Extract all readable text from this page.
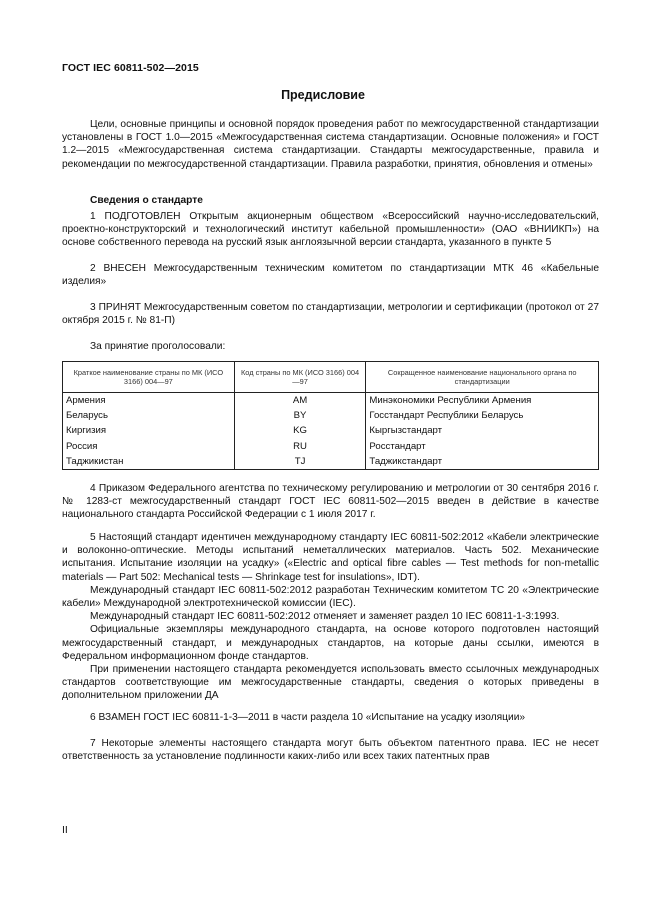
ГОСТ IEC 60811-502—2015
Предисловие

Цели, основные принципы и основной порядок проведения работ по межгосударственной стандартизации установлены в ГОСТ 1.0—2015 «Межгосударственная система стандартизации. Основные положения» и ГОСТ 1.2—2015 «Межгосударственная система стандартизации. Стандарты межгосударственные, правила и рекомендации по межгосударственной стандартизации. Правила разработки, принятия, обновления и отмены»

Сведения о стандарте

1 ПОДГОТОВЛЕН Открытым акционерным обществом «Всероссийский научно-исследовательский, проектно-конструкторский и технологический институт кабельной промышленности» (ОАО «ВНИИКП») на основе собственного перевода на русский язык англоязычной версии стандарта, указанного в пункте 5

2 ВНЕСЕН Межгосударственным техническим комитетом по стандартизации МТК 46 «Кабельные изделия»

3 ПРИНЯТ Межгосударственным советом по стандартизации, метрологии и сертификации (протокол от 27 октября 2015 г. № 81-П)

За принятие проголосовали:

Краткое наименование страны по МК (ИСО 3166) 004—97	Код страны по МК (ИСО 3166) 004—97	Сокращенное наименование национального органа по стандартизации
Армения	AM	Минэкономики Республики Армения
Беларусь	BY	Госстандарт Республики Беларусь
Киргизия	KG	Кыргызстандарт
Россия	RU	Росстандарт
Таджикистан	TJ	Таджикстандарт

4 Приказом Федерального агентства по техническому регулированию и метрологии от 30 сентября 2016 г. № 1283-ст межгосударственный стандарт ГОСТ IEC 60811-502—2015 введен в действие в качестве национального стандарта Российской Федерации с 1 июля 2017 г.

5 Настоящий стандарт идентичен международному стандарту IEC 60811-502:2012 «Кабели электрические и волоконно-оптические. Методы испытаний неметаллических материалов. Часть 502. Механические испытания. Испытание изоляции на усадку» («Electric and optical fibre cables — Test methods for non-metallic materials — Part 502: Mechanical tests — Shrinkage test for insulations», IDT).

Международный стандарт IEC 60811-502:2012 разработан Техническим комитетом ТС 20 «Электрические кабели» Международной электротехнической комиссии (IEC).

Международный стандарт IEC 60811-502:2012 отменяет и заменяет раздел 10 IEC 60811-1-3:1993.

Официальные экземпляры международного стандарта, на основе которого подготовлен настоящий межгосударственный стандарт, и международных стандартов, на которые даны ссылки, имеются в Федеральном информационном фонде стандартов.

При применении настоящего стандарта рекомендуется использовать вместо ссылочных международных стандартов соответствующие им межгосударственные стандарты, сведения о которых приведены в дополнительном приложении ДА

6 ВЗАМЕН ГОСТ IEC 60811-1-3—2011 в части раздела 10 «Испытание на усадку изоляции»

7 Некоторые элементы настоящего стандарта могут быть объектом патентного права. IEC не несет ответственность за установление подлинности каких-либо или всех таких патентных прав

II
